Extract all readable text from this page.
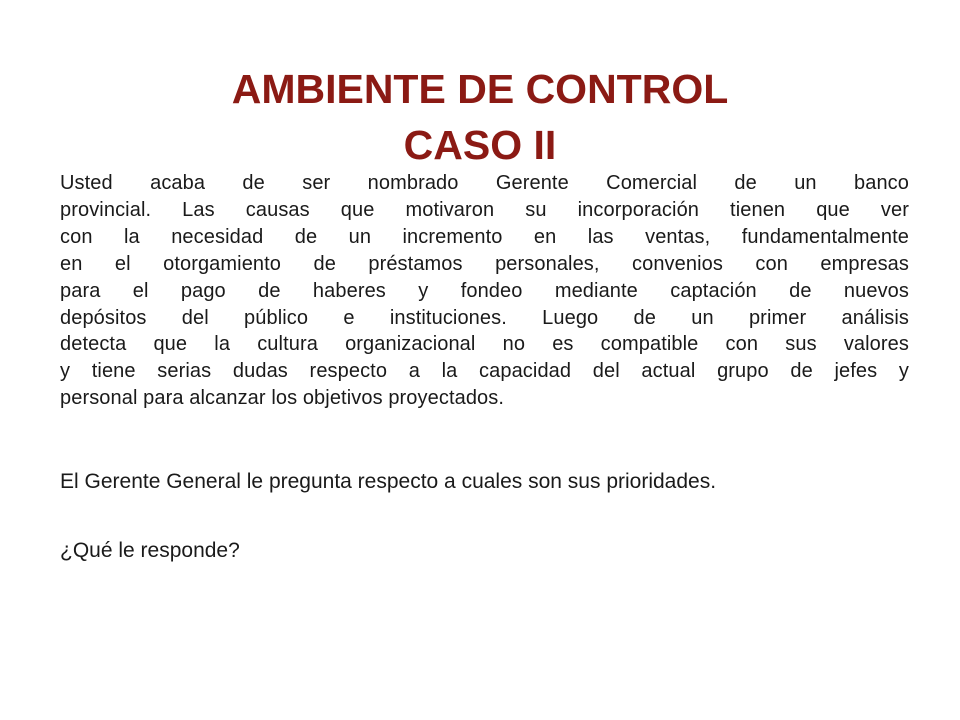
AMBIENTE DE CONTROL
CASO II

Usted acaba de ser nombrado Gerente Comercial de un banco
provincial. Las causas que motivaron su incorporación tienen que ver
con la necesidad de un incremento en las ventas, fundamentalmente
en el otorgamiento de préstamos personales, convenios con empresas
para el pago de haberes y fondeo mediante captación de nuevos
depósitos del público e instituciones. Luego de un primer análisis
detecta que la cultura organizacional no es compatible con sus valores
y tiene serias dudas respecto a la capacidad del actual grupo de jefes y
personal para alcanzar los objetivos proyectados.

El Gerente General le pregunta respecto a cuales son sus prioridades.

¿Qué le responde?
